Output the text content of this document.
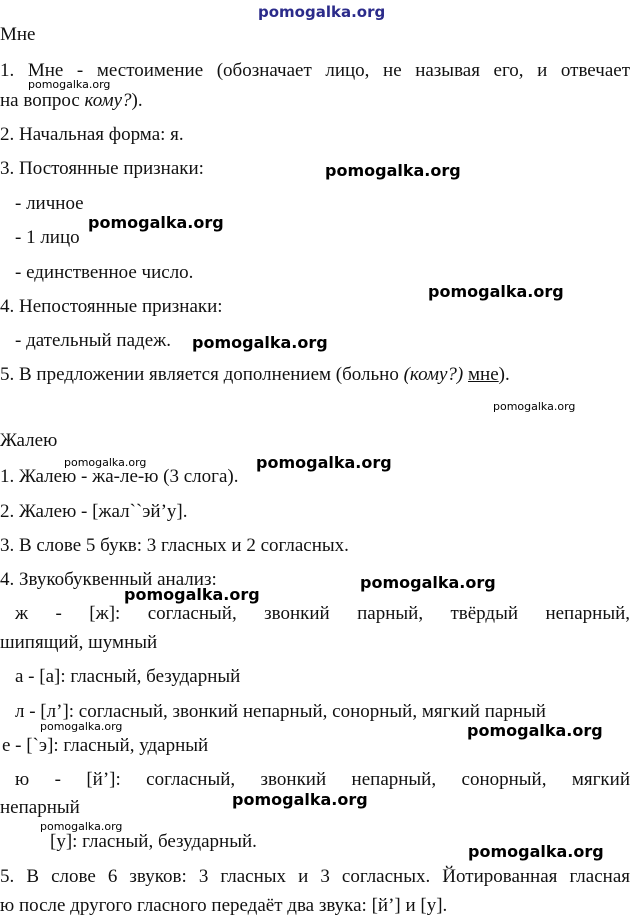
pomogalka.org
Мне
1. Мне - местоимение (обозначает лицо, не называя его, и отвечает
на вопрос кому?).
2. Начальная форма: я.
3. Постоянные признаки:
- личное
- 1 лицо
- единственное число.
4. Непостоянные признаки:
- дательный падеж.
5. В предложении является дополнением (больно (кому?) мне).
Жалею
1. Жалею - жа-ле-ю (3 слога).
2. Жалею - [жал``эй’у].
3. В слове 5 букв: 3 гласных и 2 согласных.
4. Звукобуквенный анализ:
ж - [ж]: согласный, звонкий парный, твёрдый непарный,
шипящий, шумный
а - [а]: гласный, безударный
л - [л’]: согласный, звонкий непарный, сонорный, мягкий парный
е - [`э]: гласный, ударный
ю - [й’]: согласный, звонкий непарный, сонорный, мягкий
непарный
[у]: гласный, безударный.
5. В слове 6 звуков: 3 гласных и 3 согласных. Йотированная гласная
ю после другого гласного передаёт два звука: [й’] и [у].
pomogalka.org
pomogalka.org
pomogalka.org
pomogalka.org
pomogalka.org
pomogalka.org
pomogalka.org	pomogalka.org
pomogalka.org
pomogalka.org
pomogalka.org	pomogalka.org
pomogalka.org
pomogalka.org
pomogalka.org
